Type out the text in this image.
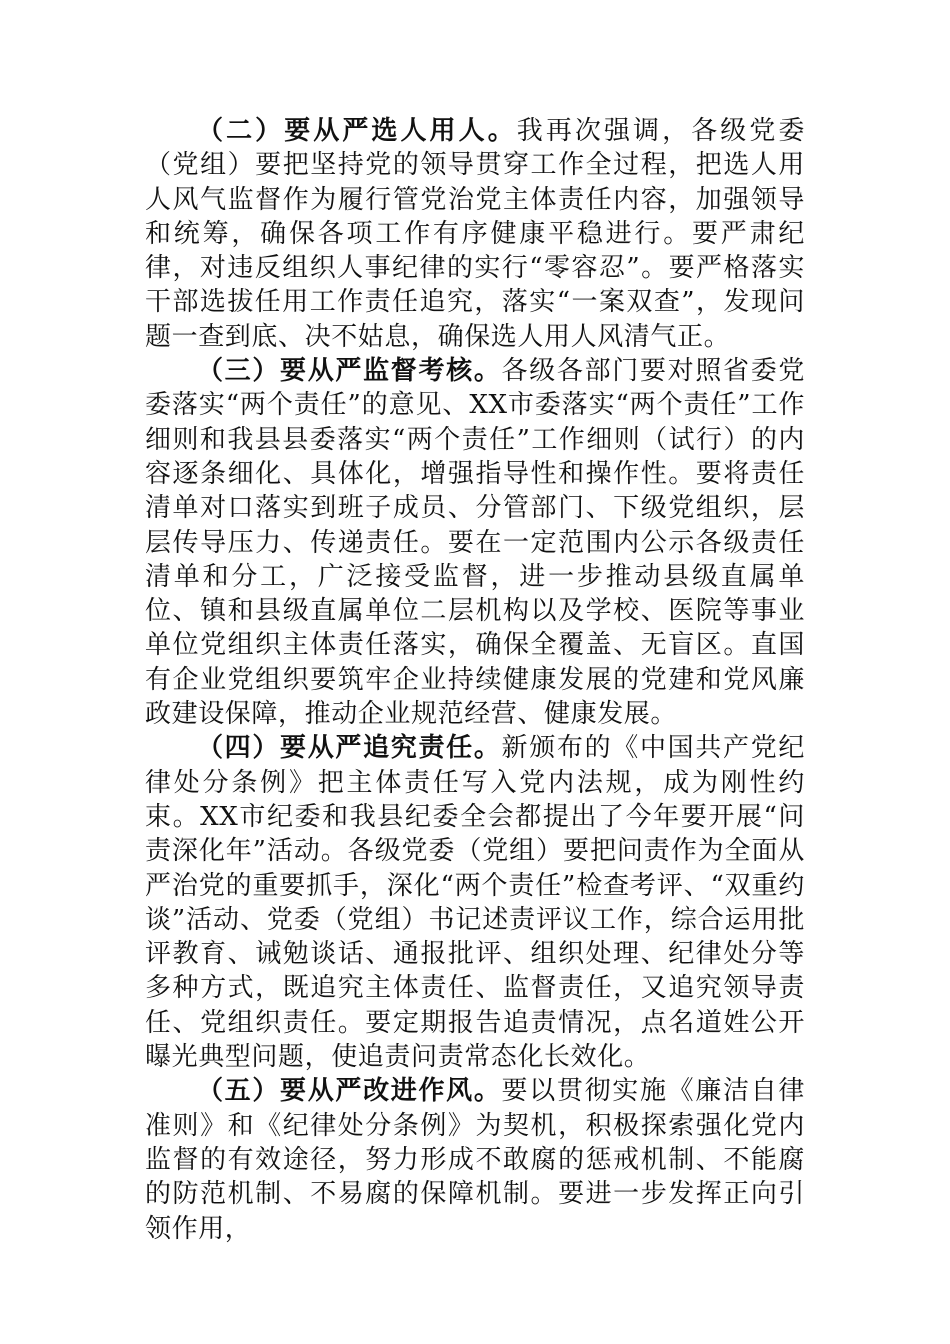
（二）要从严选人用人。我再次强调，各级党委（党组）要把坚持党的领导贯穿工作全过程，把选人用人风气监督作为履行管党治党主体责任内容，加强领导和统筹，确保各项工作有序健康平稳进行。要严肃纪律，对违反组织人事纪律的实行“零容忍”。要严格落实干部选拔任用工作责任追究，落实“一案双查”，发现问题一查到底、决不姑息，确保选人用人风清气正。

（三）要从严监督考核。各级各部门要对照省委党委落实“两个责任”的意见、XX市委落实“两个责任”工作细则和我县县委落实“两个责任”工作细则（试行）的内容逐条细化、具体化，增强指导性和操作性。要将责任清单对口落实到班子成员、分管部门、下级党组织，层层传导压力、传递责任。要在一定范围内公示各级责任清单和分工，广泛接受监督，进一步推动县级直属单位、镇和县级直属单位二层机构以及学校、医院等事业单位党组织主体责任落实，确保全覆盖、无盲区。直国有企业党组织要筑牢企业持续健康发展的党建和党风廉政建设保障，推动企业规范经营、健康发展。

（四）要从严追究责任。新颁布的《中国共产党纪律处分条例》把主体责任写入党内法规，成为刚性约束。XX市纪委和我县纪委全会都提出了今年要开展“问责深化年”活动。各级党委（党组）要把问责作为全面从严治党的重要抓手，深化“两个责任”检查考评、“双重约谈”活动、党委（党组）书记述责评议工作，综合运用批评教育、诫勉谈话、通报批评、组织处理、纪律处分等多种方式，既追究主体责任、监督责任，又追究领导责任、党组织责任。要定期报告追责情况，点名道姓公开曝光典型问题，使追责问责常态化长效化。

（五）要从严改进作风。要以贯彻实施《廉洁自律准则》和《纪律处分条例》为契机，积极探索强化党内监督的有效途径，努力形成不敢腐的惩戒机制、不能腐的防范机制、不易腐的保障机制。要进一步发挥正向引领作用，
